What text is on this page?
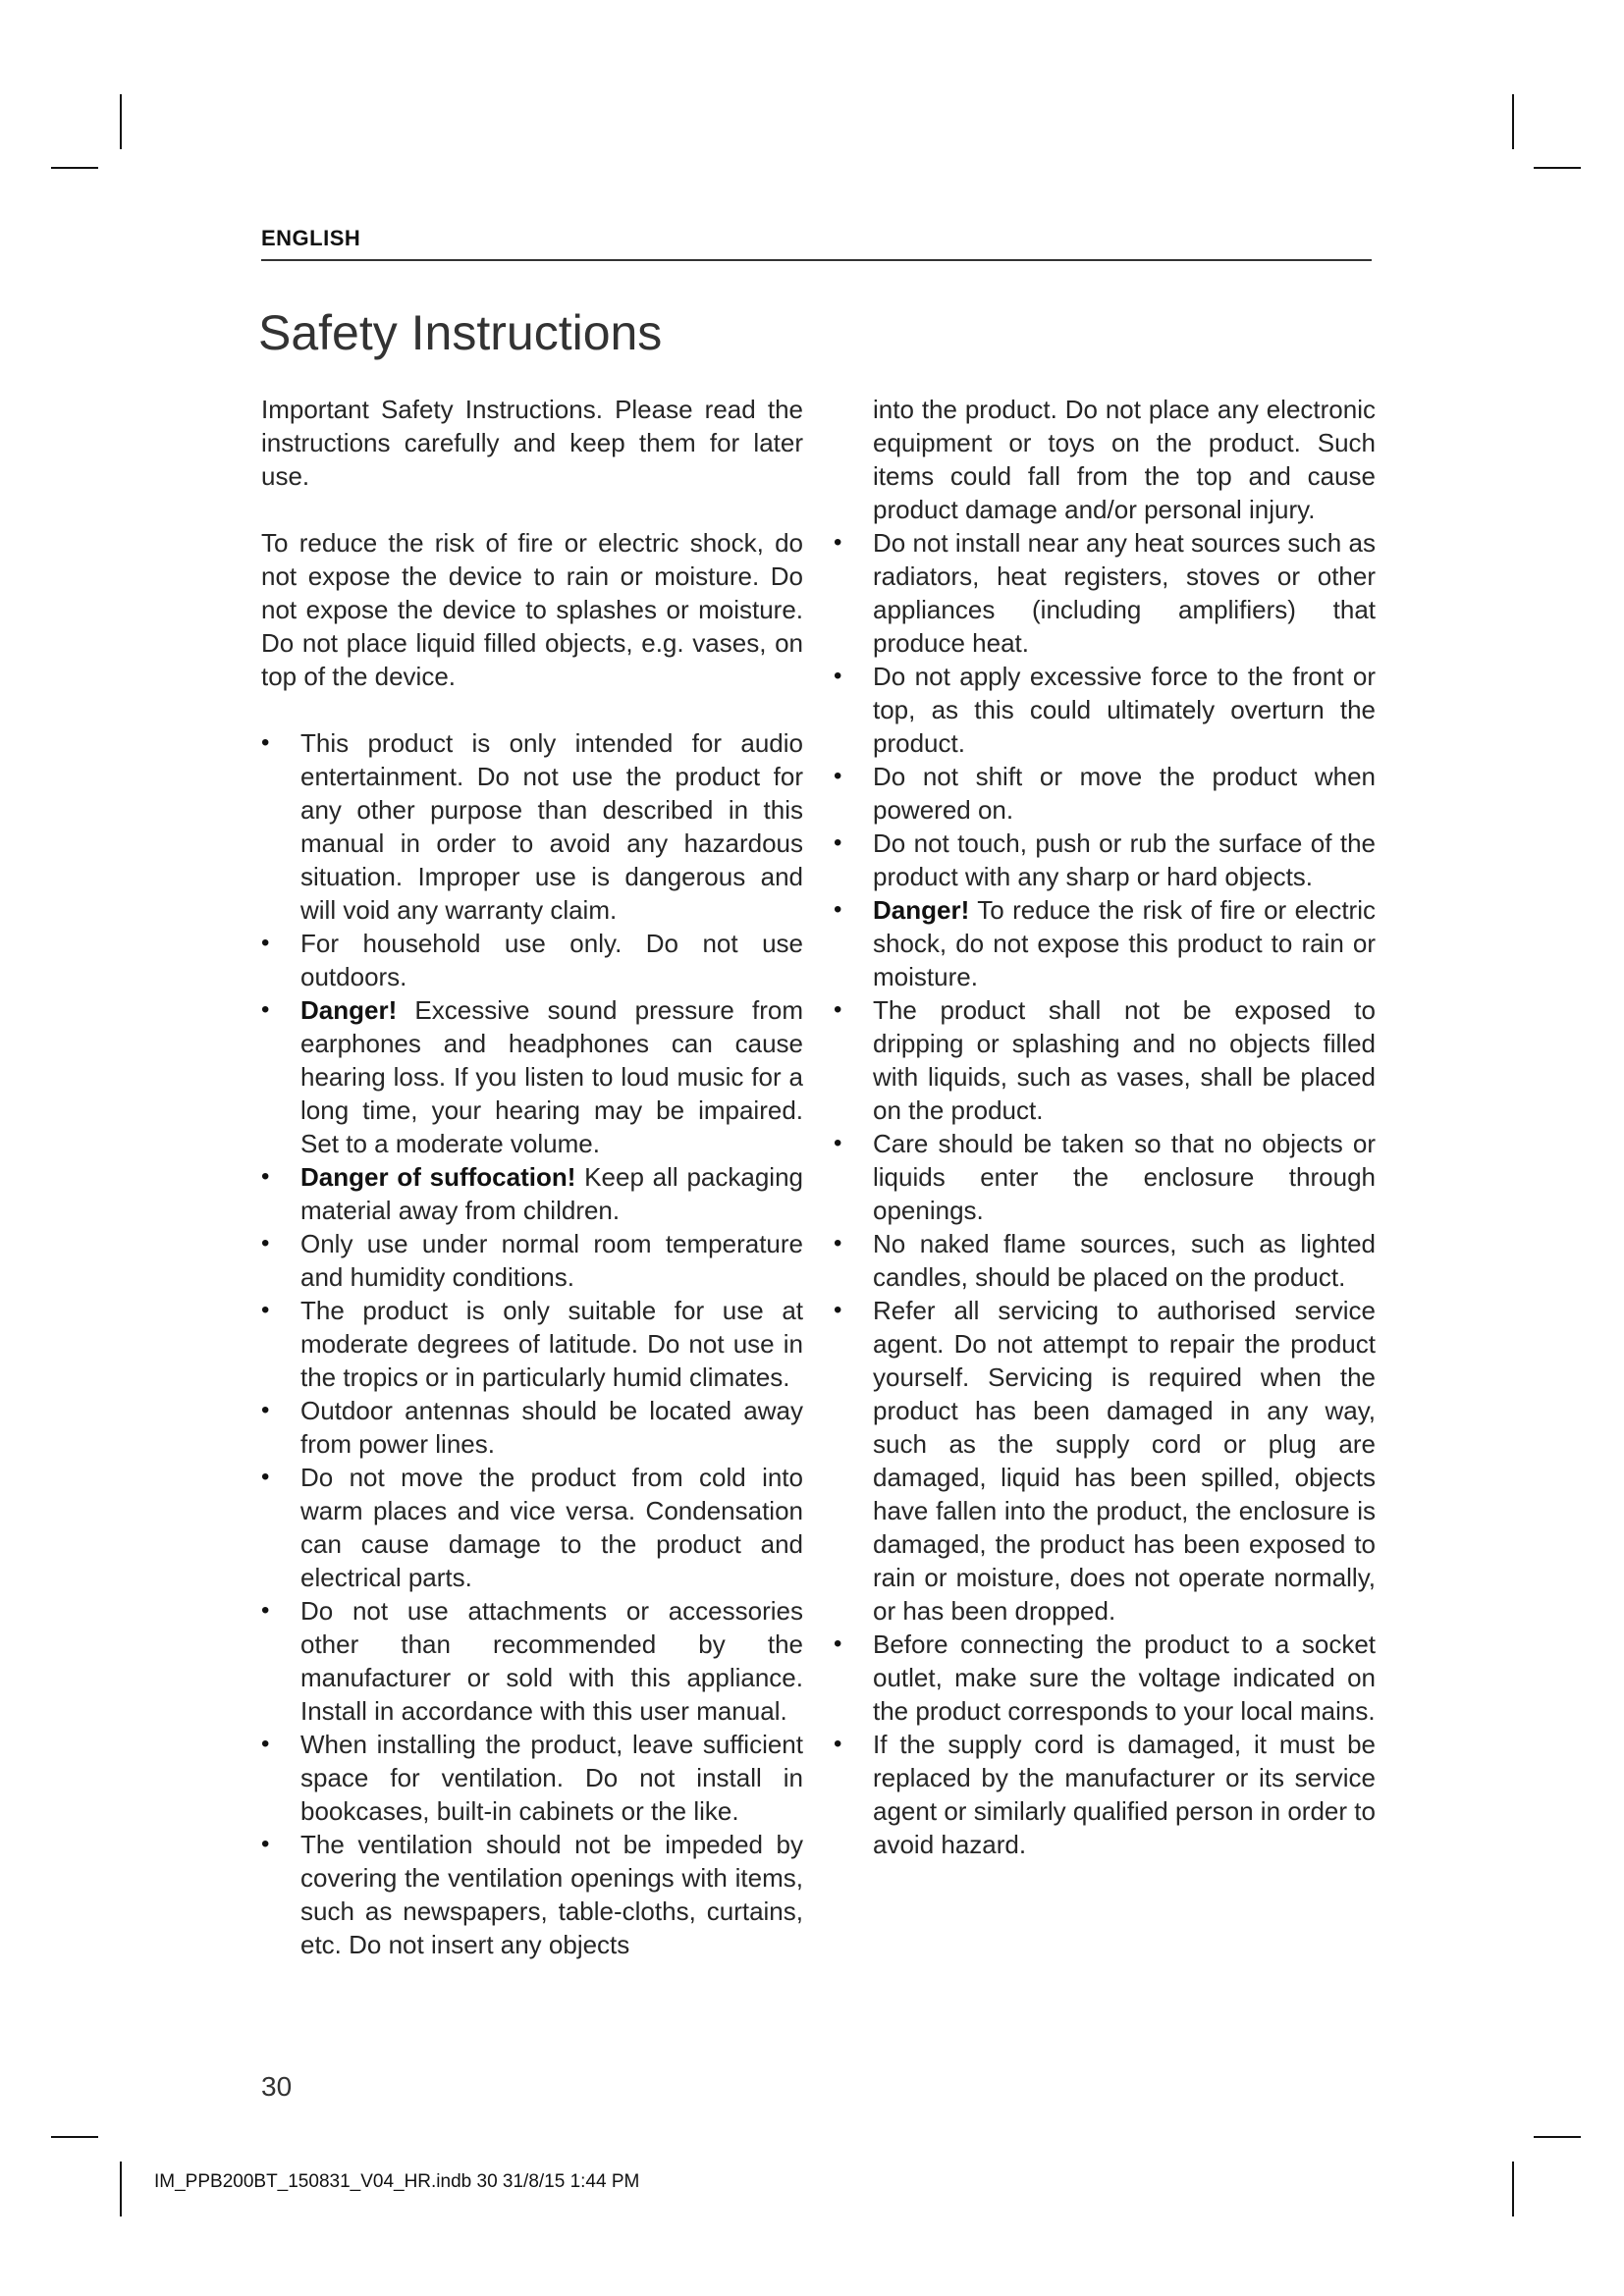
ENGLISH
Safety Instructions

Important Safety Instructions. Please read the instructions carefully and keep them for later use.

To reduce the risk of fire or electric shock, do not expose the device to rain or moisture. Do not expose the device to splashes or moisture. Do not place liquid filled objects, e.g. vases, on top of the device.

• This product is only intended for audio entertainment. Do not use the product for any other purpose than described in this manual in order to avoid any hazardous situation. Improper use is dangerous and will void any warranty claim.
• For household use only. Do not use outdoors.
• Danger! Excessive sound pressure from earphones and headphones can cause hearing loss. If you listen to loud music for a long time, your hearing may be impaired. Set to a moderate volume.
• Danger of suffocation! Keep all packaging material away from children.
• Only use under normal room temperature and humidity conditions.
• The product is only suitable for use at moderate degrees of latitude. Do not use in the tropics or in particularly humid climates.
• Outdoor antennas should be located away from power lines.
• Do not move the product from cold into warm places and vice versa. Condensation can cause damage to the product and electrical parts.
• Do not use attachments or accessories other than recommended by the manufacturer or sold with this appliance. Install in accordance with this user manual.
• When installing the product, leave sufficient space for ventilation. Do not install in bookcases, built-in cabinets or the like.
• The ventilation should not be impeded by covering the ventilation openings with items, such as newspapers, table-cloths, curtains, etc. Do not insert any objects

into the product. Do not place any electronic equipment or toys on the product. Such items could fall from the top and cause product damage and/or personal injury.

• Do not install near any heat sources such as radiators, heat registers, stoves or other appliances (including amplifiers) that produce heat.
• Do not apply excessive force to the front or top, as this could ultimately overturn the product.
• Do not shift or move the product when powered on.
• Do not touch, push or rub the surface of the product with any sharp or hard objects.
• Danger! To reduce the risk of fire or electric shock, do not expose this product to rain or moisture.
• The product shall not be exposed to dripping or splashing and no objects filled with liquids, such as vases, shall be placed on the product.
• Care should be taken so that no objects or liquids enter the enclosure through openings.
• No naked flame sources, such as lighted candles, should be placed on the product.
• Refer all servicing to authorised service agent. Do not attempt to repair the product yourself. Servicing is required when the product has been damaged in any way, such as the supply cord or plug are damaged, liquid has been spilled, objects have fallen into the product, the enclosure is damaged, the product has been exposed to rain or moisture, does not operate normally, or has been dropped.
• Before connecting the product to a socket outlet, make sure the voltage indicated on the product corresponds to your local mains.
• If the supply cord is damaged, it must be replaced by the manufacturer or its service agent or similarly qualified person in order to avoid hazard.
30
IM_PPB200BT_150831_V04_HR.indb 30 31/8/15 1:44 PM
